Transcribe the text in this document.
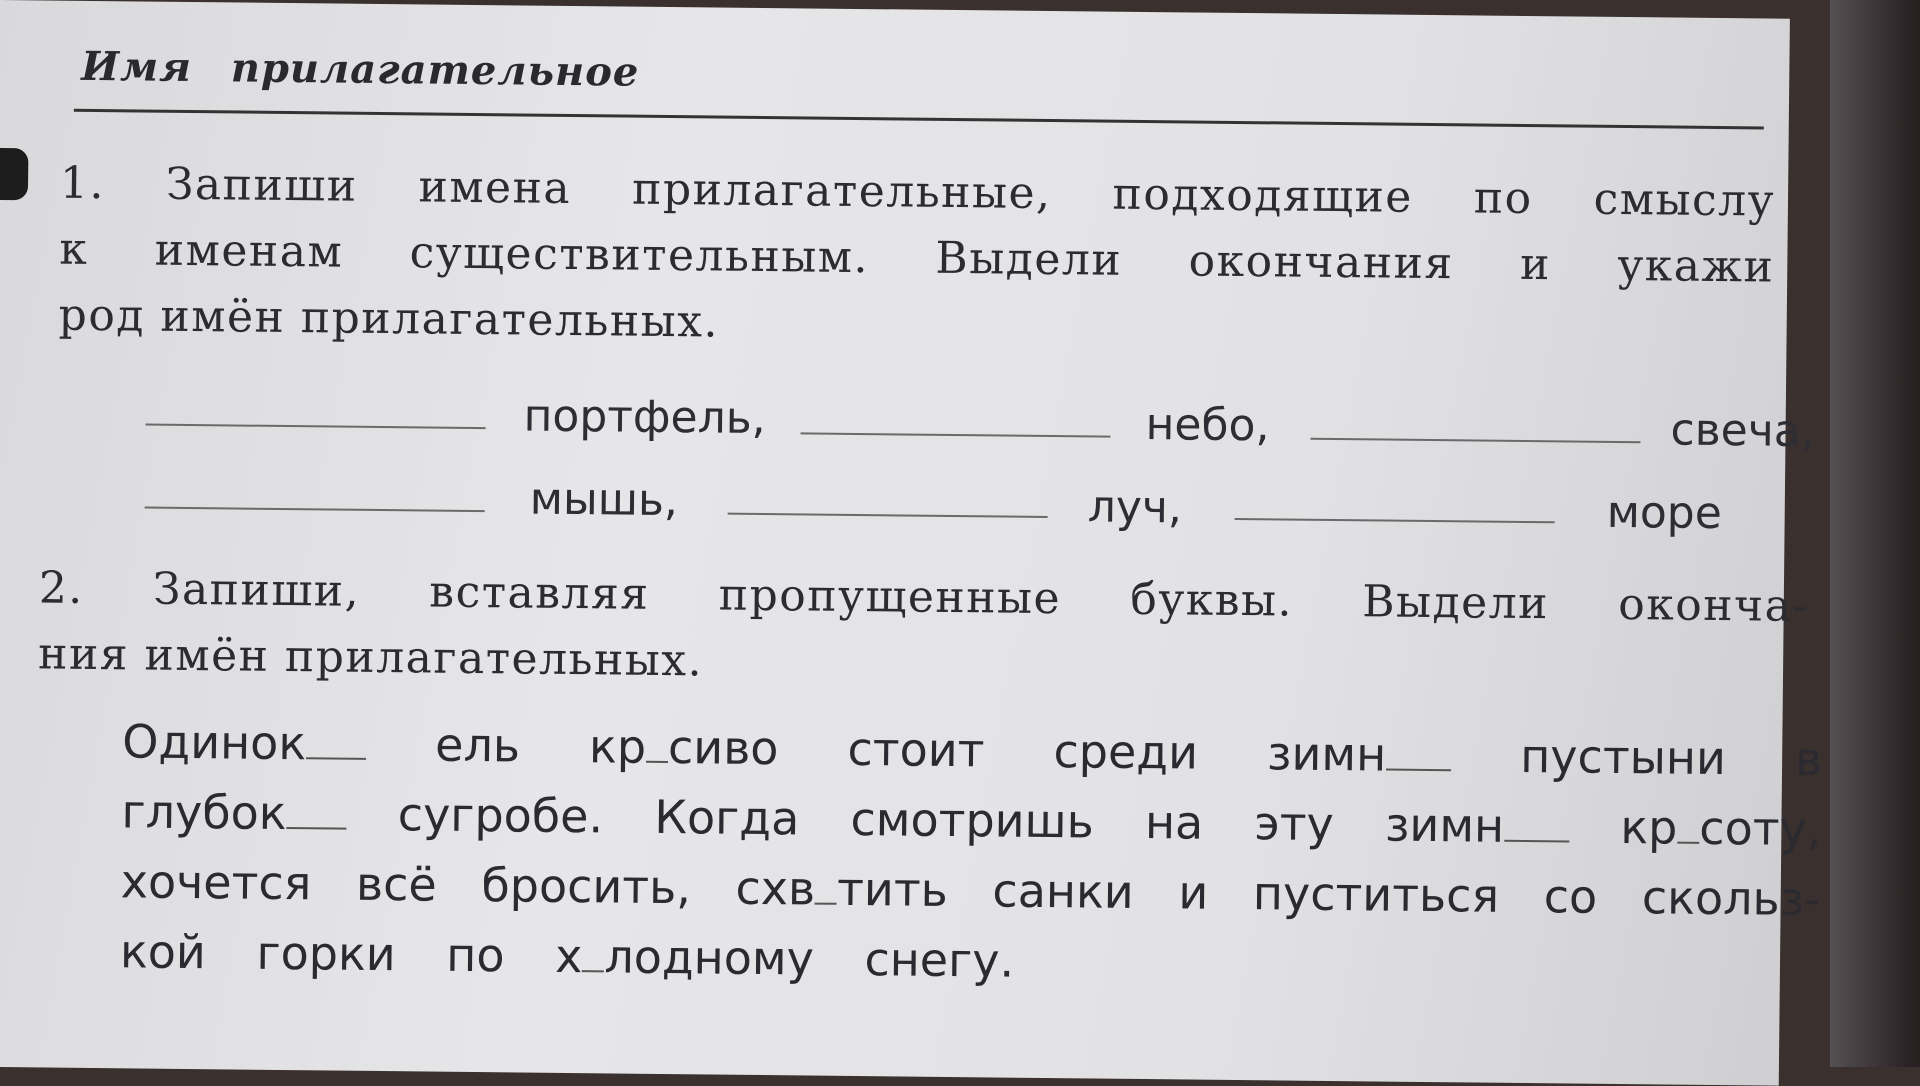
Имя прилагательное
1. Запиши имена прилагательные, подходящие по смыслу
к именам существительным. Выдели окончания и укажи
род имён прилагательных.
портфель,	небо,	свеча,
мышь,	луч,	море
2. Запиши, вставляя пропущенные буквы. Выдели оконча-
ния имён прилагательных.
Одинок	ель кр сиво стоит среди зимн	пустыни в
глубок сугробе. Когда смотришь на эту зимн	кр соту,
хочется всё бросить, схв тить санки и пуститься со скольз-
кой горки по х лодному снегу.
